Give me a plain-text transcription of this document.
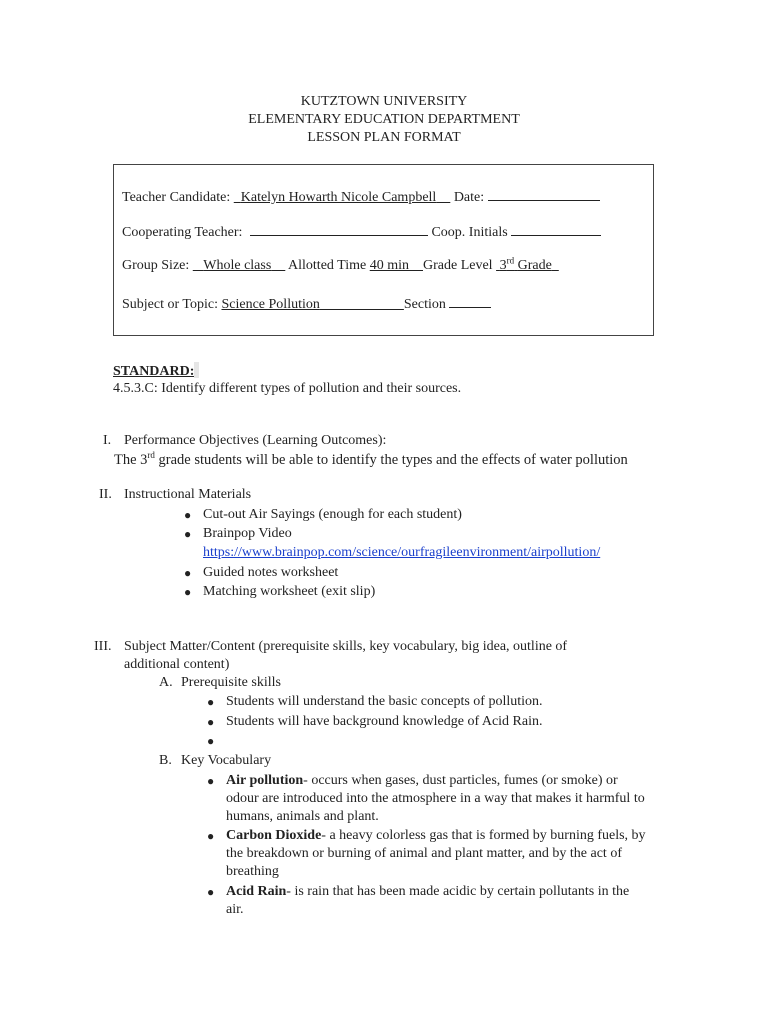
KUTZTOWN UNIVERSITY
ELEMENTARY EDUCATION DEPARTMENT
LESSON PLAN FORMAT
Teacher Candidate: Katelyn Howarth Nicole Campbell Date:
Cooperating Teacher:	Coop. Initials
Group Size: Whole class Allotted Time 40 min Grade Level 3rd Grade
Subject or Topic: Science Pollution	Section
STANDARD:
4.5.3.C: Identify different types of pollution and their sources.
I. Performance Objectives (Learning Outcomes):
The 3rd grade students will be able to identify the types and the effects of water pollution
II. Instructional Materials
● Cut-out Air Sayings (enough for each student)
● Brainpop Video
https://www.brainpop.com/science/ourfragileenvironment/airpollution/
● Guided notes worksheet
● Matching worksheet (exit slip)
III. Subject Matter/Content (prerequisite skills, key vocabulary, big idea, outline of
additional content)
A. Prerequisite skills
● Students will understand the basic concepts of pollution.
● Students will have background knowledge of Acid Rain.
●
B. Key Vocabulary
● Air pollution- occurs when gases, dust particles, fumes (or smoke) or odour are introduced into the atmosphere in a way that makes it harmful to humans, animals and plant.
● Carbon Dioxide- a heavy colorless gas that is formed by burning fuels, by the breakdown or burning of animal and plant matter, and by the act of breathing
● Acid Rain- is rain that has been made acidic by certain pollutants in the air.
